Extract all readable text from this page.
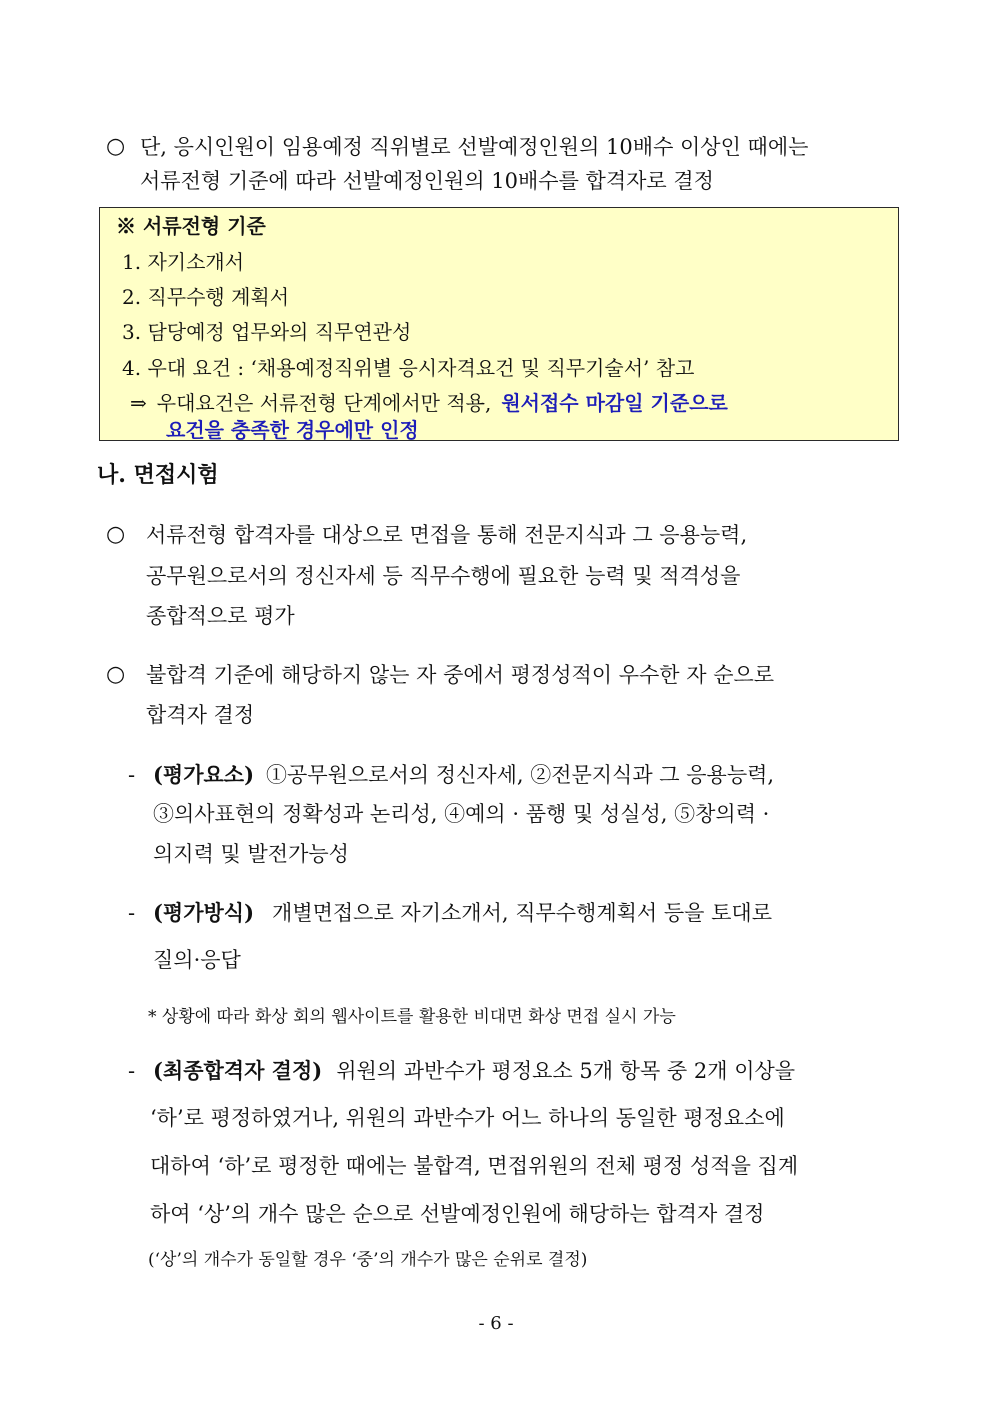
○ 단, 응시인원이 임용예정 직위별로 선발예정인원의 10배수 이상인 때에는
서류전형 기준에 따라 선발예정인원의 10배수를 합격자로 결정
※ 서류전형 기준
1. 자기소개서
2. 직무수행 계획서
3. 담당예정 업무와의 직무연관성
4. 우대 요건 : ‘채용예정직위별 응시자격요건 및 직무기술서’ 참고
⇒ 우대요건은 서류전형 단계에서만 적용, 원서접수 마감일 기준으로
요건을 충족한 경우에만 인정
나. 면접시험
○ 서류전형 합격자를 대상으로 면접을 통해 전문지식과 그 응용능력,
공무원으로서의 정신자세 등 직무수행에 필요한 능력 및 적격성을
종합적으로 평가
○ 불합격 기준에 해당하지 않는 자 중에서 평정성적이 우수한 자 순으로
합격자 결정
- (평가요소) ①공무원으로서의 정신자세, ②전문지식과 그 응용능력,
③의사표현의 정확성과 논리성, ④예의 · 품행 및 성실성, ⑤창의력 ·
의지력 및 발전가능성
- (평가방식) 개별면접으로 자기소개서, 직무수행계획서 등을 토대로
질의·응답
* 상황에 따라 화상 회의 웹사이트를 활용한 비대면 화상 면접 실시 가능
- (최종합격자 결정) 위원의 과반수가 평정요소 5개 항목 중 2개 이상을
‘하’로 평정하였거나, 위원의 과반수가 어느 하나의 동일한 평정요소에
대하여 ‘하’로 평정한 때에는 불합격, 면접위원의 전체 평정 성적을 집계
하여 ‘상’의 개수 많은 순으로 선발예정인원에 해당하는 합격자 결정
(‘상’의 개수가 동일할 경우 ‘중’의 개수가 많은 순위로 결정)
- 6 -
